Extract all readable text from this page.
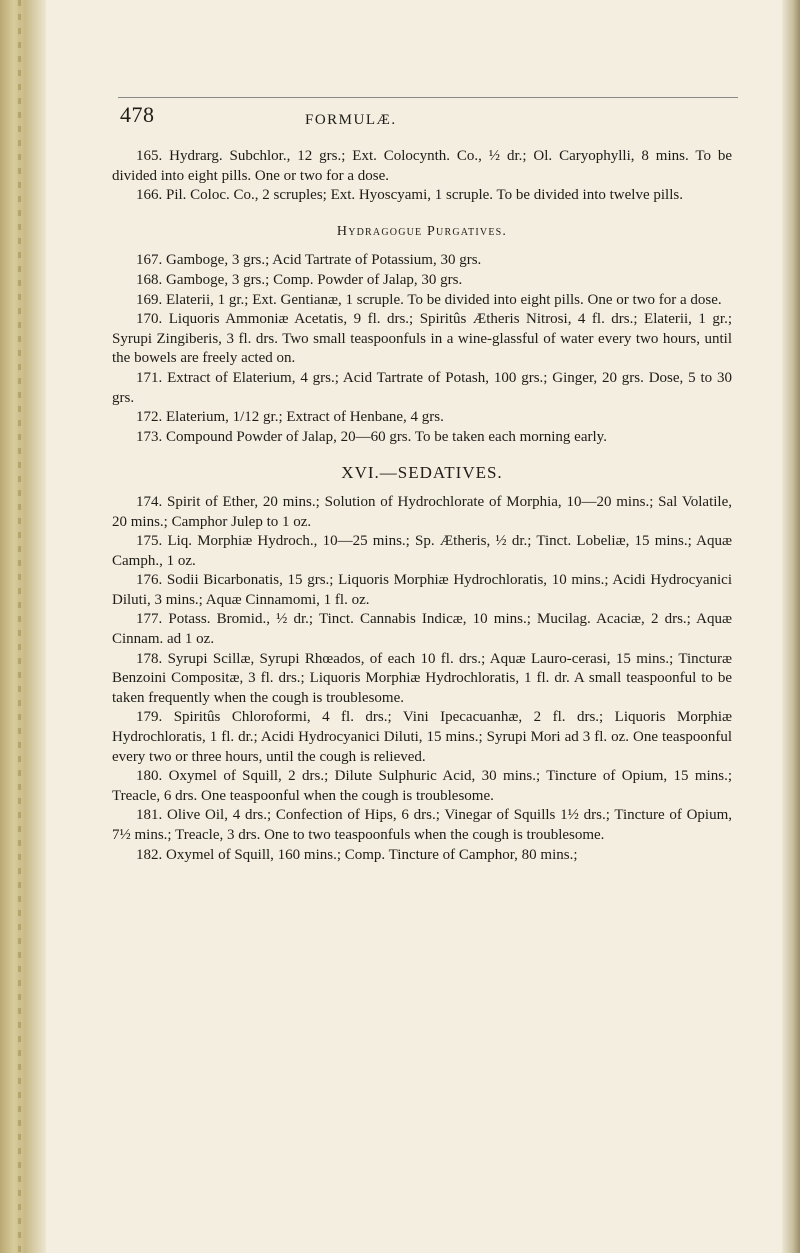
478	FORMULÆ.

165. Hydrarg. Subchlor., 12 grs.; Ext. Colocynth. Co., ½ dr.; Ol. Caryophylli, 8 mins. To be divided into eight pills. One or two for a dose.

166. Pil. Coloc. Co., 2 scruples; Ext. Hyoscyami, 1 scruple. To be divided into twelve pills.

Hydragogue Purgatives.

167. Gamboge, 3 grs.; Acid Tartrate of Potassium, 30 grs.

168. Gamboge, 3 grs.; Comp. Powder of Jalap, 30 grs.

169. Elaterii, 1 gr.; Ext. Gentianæ, 1 scruple. To be divided into eight pills. One or two for a dose.

170. Liquoris Ammoniæ Acetatis, 9 fl. drs.; Spiritûs Ætheris Nitrosi, 4 fl. drs.; Elaterii, 1 gr.; Syrupi Zingiberis, 3 fl. drs. Two small teaspoonfuls in a wine-glassful of water every two hours, until the bowels are freely acted on.

171. Extract of Elaterium, 4 grs.; Acid Tartrate of Potash, 100 grs.; Ginger, 20 grs. Dose, 5 to 30 grs.

172. Elaterium, 1/12 gr.; Extract of Henbane, 4 grs.

173. Compound Powder of Jalap, 20—60 grs. To be taken each morning early.

XVI.—SEDATIVES.

174. Spirit of Ether, 20 mins.; Solution of Hydrochlorate of Morphia, 10—20 mins.; Sal Volatile, 20 mins.; Camphor Julep to 1 oz.

175. Liq. Morphiæ Hydroch., 10—25 mins.; Sp. Ætheris, ½ dr.; Tinct. Lobeliæ, 15 mins.; Aquæ Camph., 1 oz.

176. Sodii Bicarbonatis, 15 grs.; Liquoris Morphiæ Hydrochloratis, 10 mins.; Acidi Hydrocyanici Diluti, 3 mins.; Aquæ Cinnamomi, 1 fl. oz.

177. Potass. Bromid., ½ dr.; Tinct. Cannabis Indicæ, 10 mins.; Mucilag. Acaciæ, 2 drs.; Aquæ Cinnam. ad 1 oz.

178. Syrupi Scillæ, Syrupi Rhœados, of each 10 fl. drs.; Aquæ Lauro-cerasi, 15 mins.; Tincturæ Benzoini Compositæ, 3 fl. drs.; Liquoris Morphiæ Hydrochloratis, 1 fl. dr. A small teaspoonful to be taken frequently when the cough is troublesome.

179. Spiritûs Chloroformi, 4 fl. drs.; Vini Ipecacuanhæ, 2 fl. drs.; Liquoris Morphiæ Hydrochloratis, 1 fl. dr.; Acidi Hydrocyanici Diluti, 15 mins.; Syrupi Mori ad 3 fl. oz. One teaspoonful every two or three hours, until the cough is relieved.

180. Oxymel of Squill, 2 drs.; Dilute Sulphuric Acid, 30 mins.; Tincture of Opium, 15 mins.; Treacle, 6 drs. One teaspoonful when the cough is troublesome.

181. Olive Oil, 4 drs.; Confection of Hips, 6 drs.; Vinegar of Squills 1½ drs.; Tincture of Opium, 7½ mins.; Treacle, 3 drs. One to two teaspoonfuls when the cough is troublesome.

182. Oxymel of Squill, 160 mins.; Comp. Tincture of Camphor, 80 mins.;
